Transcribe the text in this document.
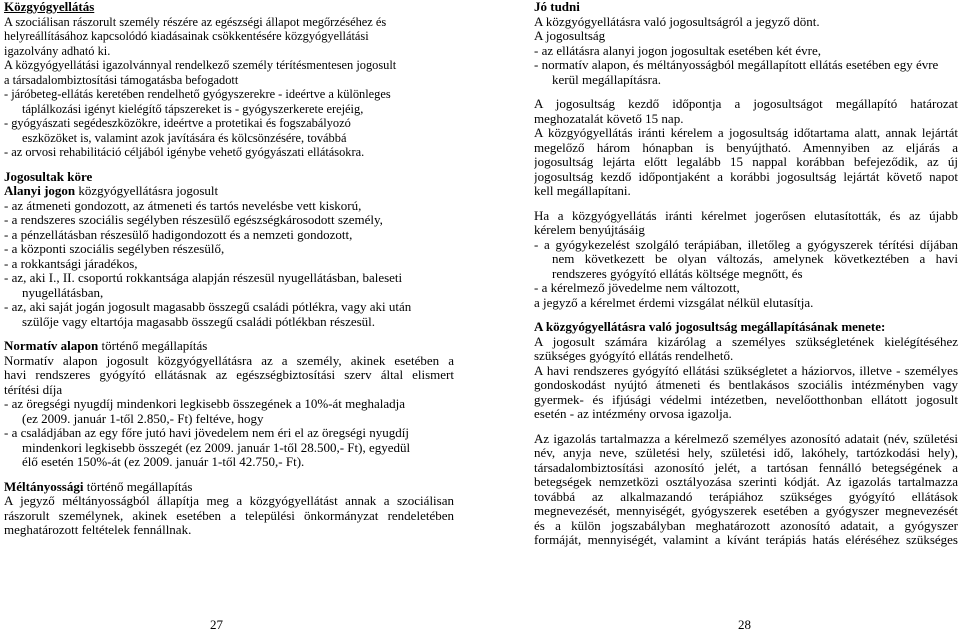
Közgyógyellátás
A szociálisan rászorult személy részére az egészségi állapot megőrzéséhez és
helyreállításához kapcsolódó kiadásainak csökkentésére közgyógyellátási
igazolvány adható ki.
A közgyógyellátási igazolvánnyal rendelkező személy térítésmentesen jogosult
a társadalombiztosítási támogatásba befogadott
- járóbeteg-ellátás keretében rendelhető gyógyszerekre - ideértve a különleges
táplálkozási igényt kielégítő tápszereket is - gyógyszerkerete erejéig,
- gyógyászati segédeszközökre, ideértve a protetikai és fogszabályozó
eszközöket is, valamint azok javítására és kölcsönzésére, továbbá
- az orvosi rehabilitáció céljából igénybe vehető gyógyászati ellátásokra.
Jogosultak köre
Alanyi jogon közgyógyellátásra jogosult
- az átmeneti gondozott, az átmeneti és tartós nevelésbe vett kiskorú,
- a rendszeres szociális segélyben részesülő egészségkárosodott személy,
- a pénzellátásban részesülő hadigondozott és a nemzeti gondozott,
- a központi szociális segélyben részesülő,
- a rokkantsági járadékos,
- az, aki I., II. csoportú rokkantsága alapján részesül nyugellátásban, baleseti
nyugellátásban,
- az, aki saját jogán jogosult magasabb összegű családi pótlékra, vagy aki után
szülője vagy eltartója magasabb összegű családi pótlékban részesül.
Normatív alapon történő megállapítás
Normatív alapon jogosult közgyógyellátásra az a személy, akinek esetében a
havi rendszeres gyógyító ellátásnak az egészségbiztosítási szerv által elismert
térítési díja
- az öregségi nyugdíj mindenkori legkisebb összegének a 10%-át meghaladja
(ez 2009. január 1-től 2.850,- Ft) feltéve, hogy
- a családjában az egy főre jutó havi jövedelem nem éri el az öregségi nyugdíj
mindenkori legkisebb összegét (ez 2009. január 1-től 28.500,- Ft), egyedül
élő esetén 150%-át (ez 2009. január 1-től 42.750,- Ft).
Méltányossági történő megállapítás
A jegyző méltányosságból állapítja meg a közgyógyellátást annak a szociálisan
rászorult személynek, akinek esetében a települési önkormányzat rendeletében
meghatározott feltételek fennállnak.
Jó tudni
A közgyógyellátásra való jogosultságról a jegyző dönt.
A jogosultság
- az ellátásra alanyi jogon jogosultak esetében két évre,
- normatív alapon, és méltányosságból megállapított ellátás esetében egy évre
kerül megállapításra.
A jogosultság kezdő időpontja a jogosultságot megállapító határozat
meghozatalát követő 15 nap.
A közgyógyellátás iránti kérelem a jogosultság időtartama alatt, annak lejártát
megelőző három hónapban is benyújtható. Amennyiben az eljárás a
jogosultság lejárta előtt legalább 15 nappal korábban befejeződik, az új
jogosultság kezdő időpontjaként a korábbi jogosultság lejártát követő napot
kell megállapítani.
Ha a közgyógyellátás iránti kérelmet jogerősen elutasították, és az újabb
kérelem benyújtásáig
- a gyógykezelést szolgáló terápiában, illetőleg a gyógyszerek térítési díjában
nem következett be olyan változás, amelynek következtében a havi
rendszeres gyógyító ellátás költsége megnőtt, és
- a kérelmező jövedelme nem változott,
a jegyző a kérelmet érdemi vizsgálat nélkül elutasítja.
A közgyógyellátásra való jogosultság megállapításának menete:
A jogosult számára kizárólag a személyes szükségletének kielégítéséhez
szükséges gyógyító ellátás rendelhető.
A havi rendszeres gyógyító ellátási szükségletet a háziorvos, illetve - személyes
gondoskodást nyújtó átmeneti és bentlakásos szociális intézményben vagy
gyermek- és ifjúsági védelmi intézetben, nevelőotthonban ellátott jogosult
esetén - az intézmény orvosa igazolja.
Az igazolás tartalmazza a kérelmező személyes azonosító adatait (név, születési
név, anyja neve, születési hely, születési idő, lakóhely, tartózkodási hely),
társadalombiztosítási azonosító jelét, a tartósan fennálló betegségének a
betegségek nemzetközi osztályozása szerinti kódját. Az igazolás tartalmazza
továbbá az alkalmazandó terápiához szükséges gyógyító ellátások
megnevezését, mennyiségét, gyógyszerek esetében a gyógyszer megnevezését
és a külön jogszabályban meghatározott azonosító adatait, a gyógyszer
formáját, mennyiségét, valamint a kívánt terápiás hatás eléréséhez szükséges
27	28
